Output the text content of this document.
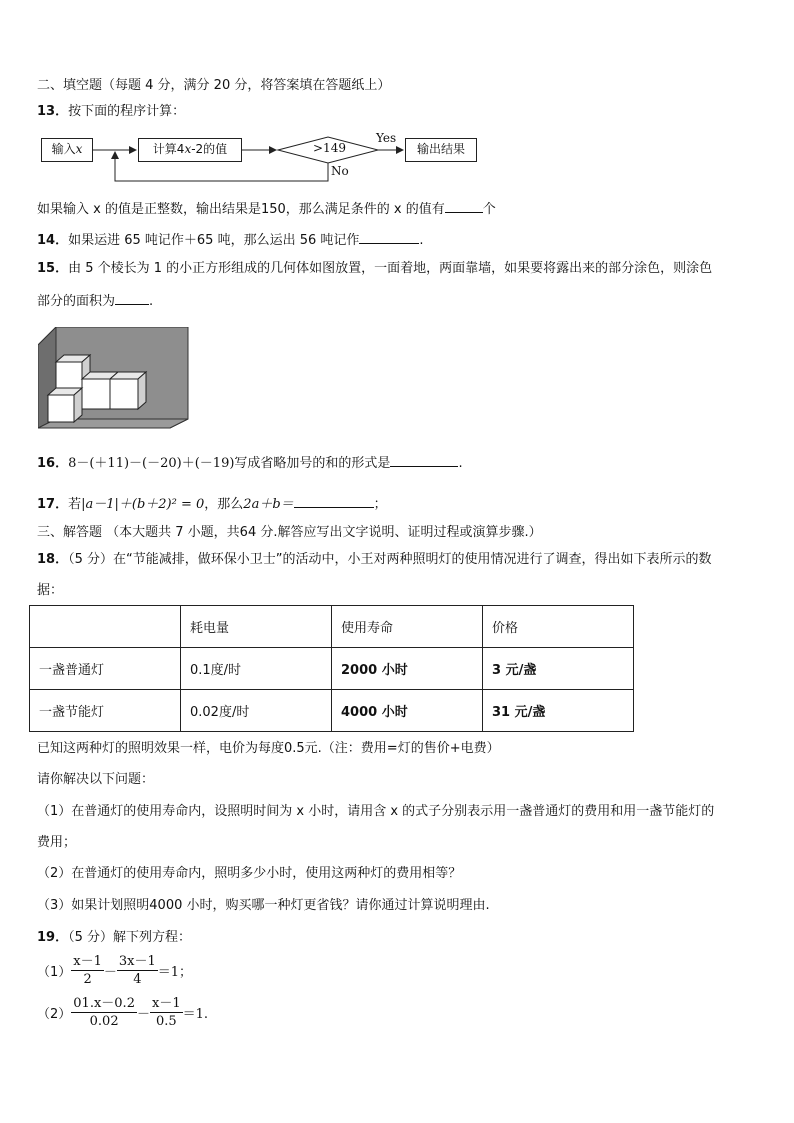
二、填空题（每题 4 分，满分 20 分，将答案填在答题纸上）
13．按下面的程序计算：
输入x	计算4x-2的值	>149
Yes
No
输出结果
如果输入 x 的值是正整数，输出结果是150，那么满足条件的 x 的值有	个
14．如果运进 65 吨记作＋65 吨，那么运出 56 吨记作	.
15．由 5 个棱长为 1 的小正方形组成的几何体如图放置，一面着地，两面靠墙，如果要将露出来的部分涂色，则涂色
部分的面积为	.
16．8－(＋11)－(－20)＋(－19)写成省略加号的和的形式是	.
17．若|a－1|＋(b＋2)² = 0，那么2a＋b＝	；
三、解答题 （本大题共 7 小题，共64 分.解答应写出文字说明、证明过程或演算步骤.）
18．（5 分）在“节能减排，做环保小卫士”的活动中，小王对两种照明灯的使用情况进行了调查，得出如下表所示的数
据：
	耗电量	使用寿命	价格
一盏普通灯	0.1度/时	2000 小时	3 元/盏
一盏节能灯	0.02度/时	4000 小时	31 元/盏
已知这两种灯的照明效果一样，电价为每度0.5元.（注：费用=灯的售价+电费）
请你解决以下问题：
（1）在普通灯的使用寿命内，设照明时间为 x 小时，请用含 x 的式子分别表示用一盏普通灯的费用和用一盏节能灯的
费用；
（2）在普通灯的使用寿命内，照明多少小时，使用这两种灯的费用相等？
（3）如果计划照明4000 小时，购买哪一种灯更省钱？请你通过计算说明理由.
19．（5 分）解下列方程：
$(1) \frac{x-1}{2} - \frac{3x-1}{4} =1$；
$(2) \frac{01.x-0.2}{0.02} - \frac{x-1}{0.5} =1$.
